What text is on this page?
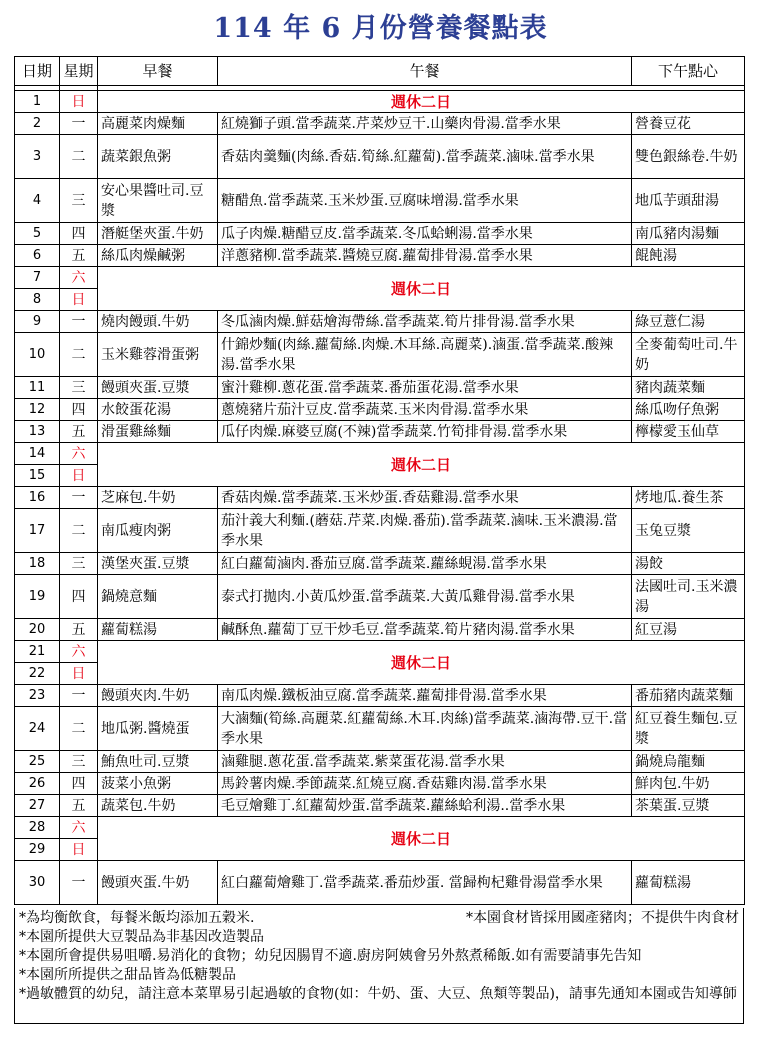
114 年 6 月份營養餐點表
日期	星期	早餐	午餐	下午點心

1	日	週休二日		
2	一	高麗菜肉燥麵	紅燒獅子頭.當季蔬菜.芹菜炒豆干.山藥肉骨湯.當季水果	營養豆花
3	二	蔬菜銀魚粥	香菇肉羹麵(肉絲.香菇.筍絲.紅蘿蔔).當季蔬菜.滷味.當季水果	雙色銀絲卷.牛奶
4	三	安心果醬吐司.豆漿	糖醋魚.當季蔬菜.玉米炒蛋.豆腐味增湯.當季水果	地瓜芋頭甜湯
5	四	潛艇堡夾蛋.牛奶	瓜子肉燥.糖醋豆皮.當季蔬菜.冬瓜蛤蜊湯.當季水果	南瓜豬肉湯麵
6	五	絲瓜肉燥鹹粥	洋蔥豬柳.當季蔬菜.醬燒豆腐.蘿蔔排骨湯.當季水果	餛飩湯
7	六	週休二日		
8	日			
9	一	燒肉饅頭.牛奶	冬瓜滷肉燥.鮮菇燴海帶絲.當季蔬菜.筍片排骨湯.當季水果	綠豆薏仁湯
10	二	玉米雞蓉滑蛋粥	什錦炒麵(肉絲.蘿蔔絲.肉燥.木耳絲.高麗菜).滷蛋.當季蔬菜.酸辣湯.當季水果	全麥葡萄吐司.牛奶
11	三	饅頭夾蛋.豆漿	蜜汁雞柳.蔥花蛋.當季蔬菜.番茄蛋花湯.當季水果	豬肉蔬菜麵
12	四	水餃蛋花湯	蔥燒豬片茄汁豆皮.當季蔬菜.玉米肉骨湯.當季水果	絲瓜吻仔魚粥
13	五	滑蛋雞絲麵	瓜仔肉燥.麻婆豆腐(不辣)當季蔬菜.竹筍排骨湯.當季水果	檸檬愛玉仙草
14	六	週休二日		
15	日			
16	一	芝麻包.牛奶	香菇肉燥.當季蔬菜.玉米炒蛋.香菇雞湯.當季水果	烤地瓜.養生茶
17	二	南瓜瘦肉粥	茄汁義大利麵.(蘑菇.芹菜.肉燥.番茄).當季蔬菜.滷味.玉米濃湯.當季水果	玉兔豆漿
18	三	漢堡夾蛋.豆漿	紅白蘿蔔滷肉.番茄豆腐.當季蔬菜.蘿絲蜆湯.當季水果	湯餃
19	四	鍋燒意麵	泰式打拋肉.小黃瓜炒蛋.當季蔬菜.大黃瓜雞骨湯.當季水果	法國吐司.玉米濃湯
20	五	蘿蔔糕湯	鹹酥魚.蘿蔔丁豆干炒毛豆.當季蔬菜.筍片豬肉湯.當季水果	紅豆湯
21	六	週休二日		
22	日			
23	一	饅頭夾肉.牛奶	南瓜肉燥.鐵板油豆腐.當季蔬菜.蘿蔔排骨湯.當季水果	番茄豬肉蔬菜麵
24	二	地瓜粥.醬燒蛋	大滷麵(筍絲.高麗菜.紅蘿蔔絲.木耳.肉絲)當季蔬菜.滷海帶.豆干.當季水果	紅豆養生麵包.豆漿
25	三	鮪魚吐司.豆漿	滷雞腿.蔥花蛋.當季蔬菜.紫菜蛋花湯.當季水果	鍋燒烏龍麵
26	四	菠菜小魚粥	馬鈴薯肉燥.季節蔬菜.紅燒豆腐.香菇雞肉湯.當季水果	鮮肉包.牛奶
27	五	蔬菜包.牛奶	毛豆燴雞丁.紅蘿蔔炒蛋.當季蔬菜.蘿絲蛤利湯..當季水果	茶葉蛋.豆漿
28	六	週休二日		
29	日			
30	一	饅頭夾蛋.牛奶	紅白蘿蔔燴雞丁.當季蔬菜.番茄炒蛋. 當歸枸杞雞骨湯當季水果	蘿蔔糕湯
*為均衡飲食，每餐米飯均添加五穀米.	*本園食材皆採用國產豬肉；不提供牛肉食材
*本園所提供大豆製品為非基因改造製品
*本園所會提供易咀嚼.易消化的食物；幼兒因腸胃不適.廚房阿姨會另外熬煮稀飯.如有需要請事先告知
*本園所所提供之甜品皆為低糖製品
*過敏體質的幼兒，請注意本菜單易引起過敏的食物(如：牛奶、蛋、大豆、魚類等製品)，請事先通知本園或告知導師
